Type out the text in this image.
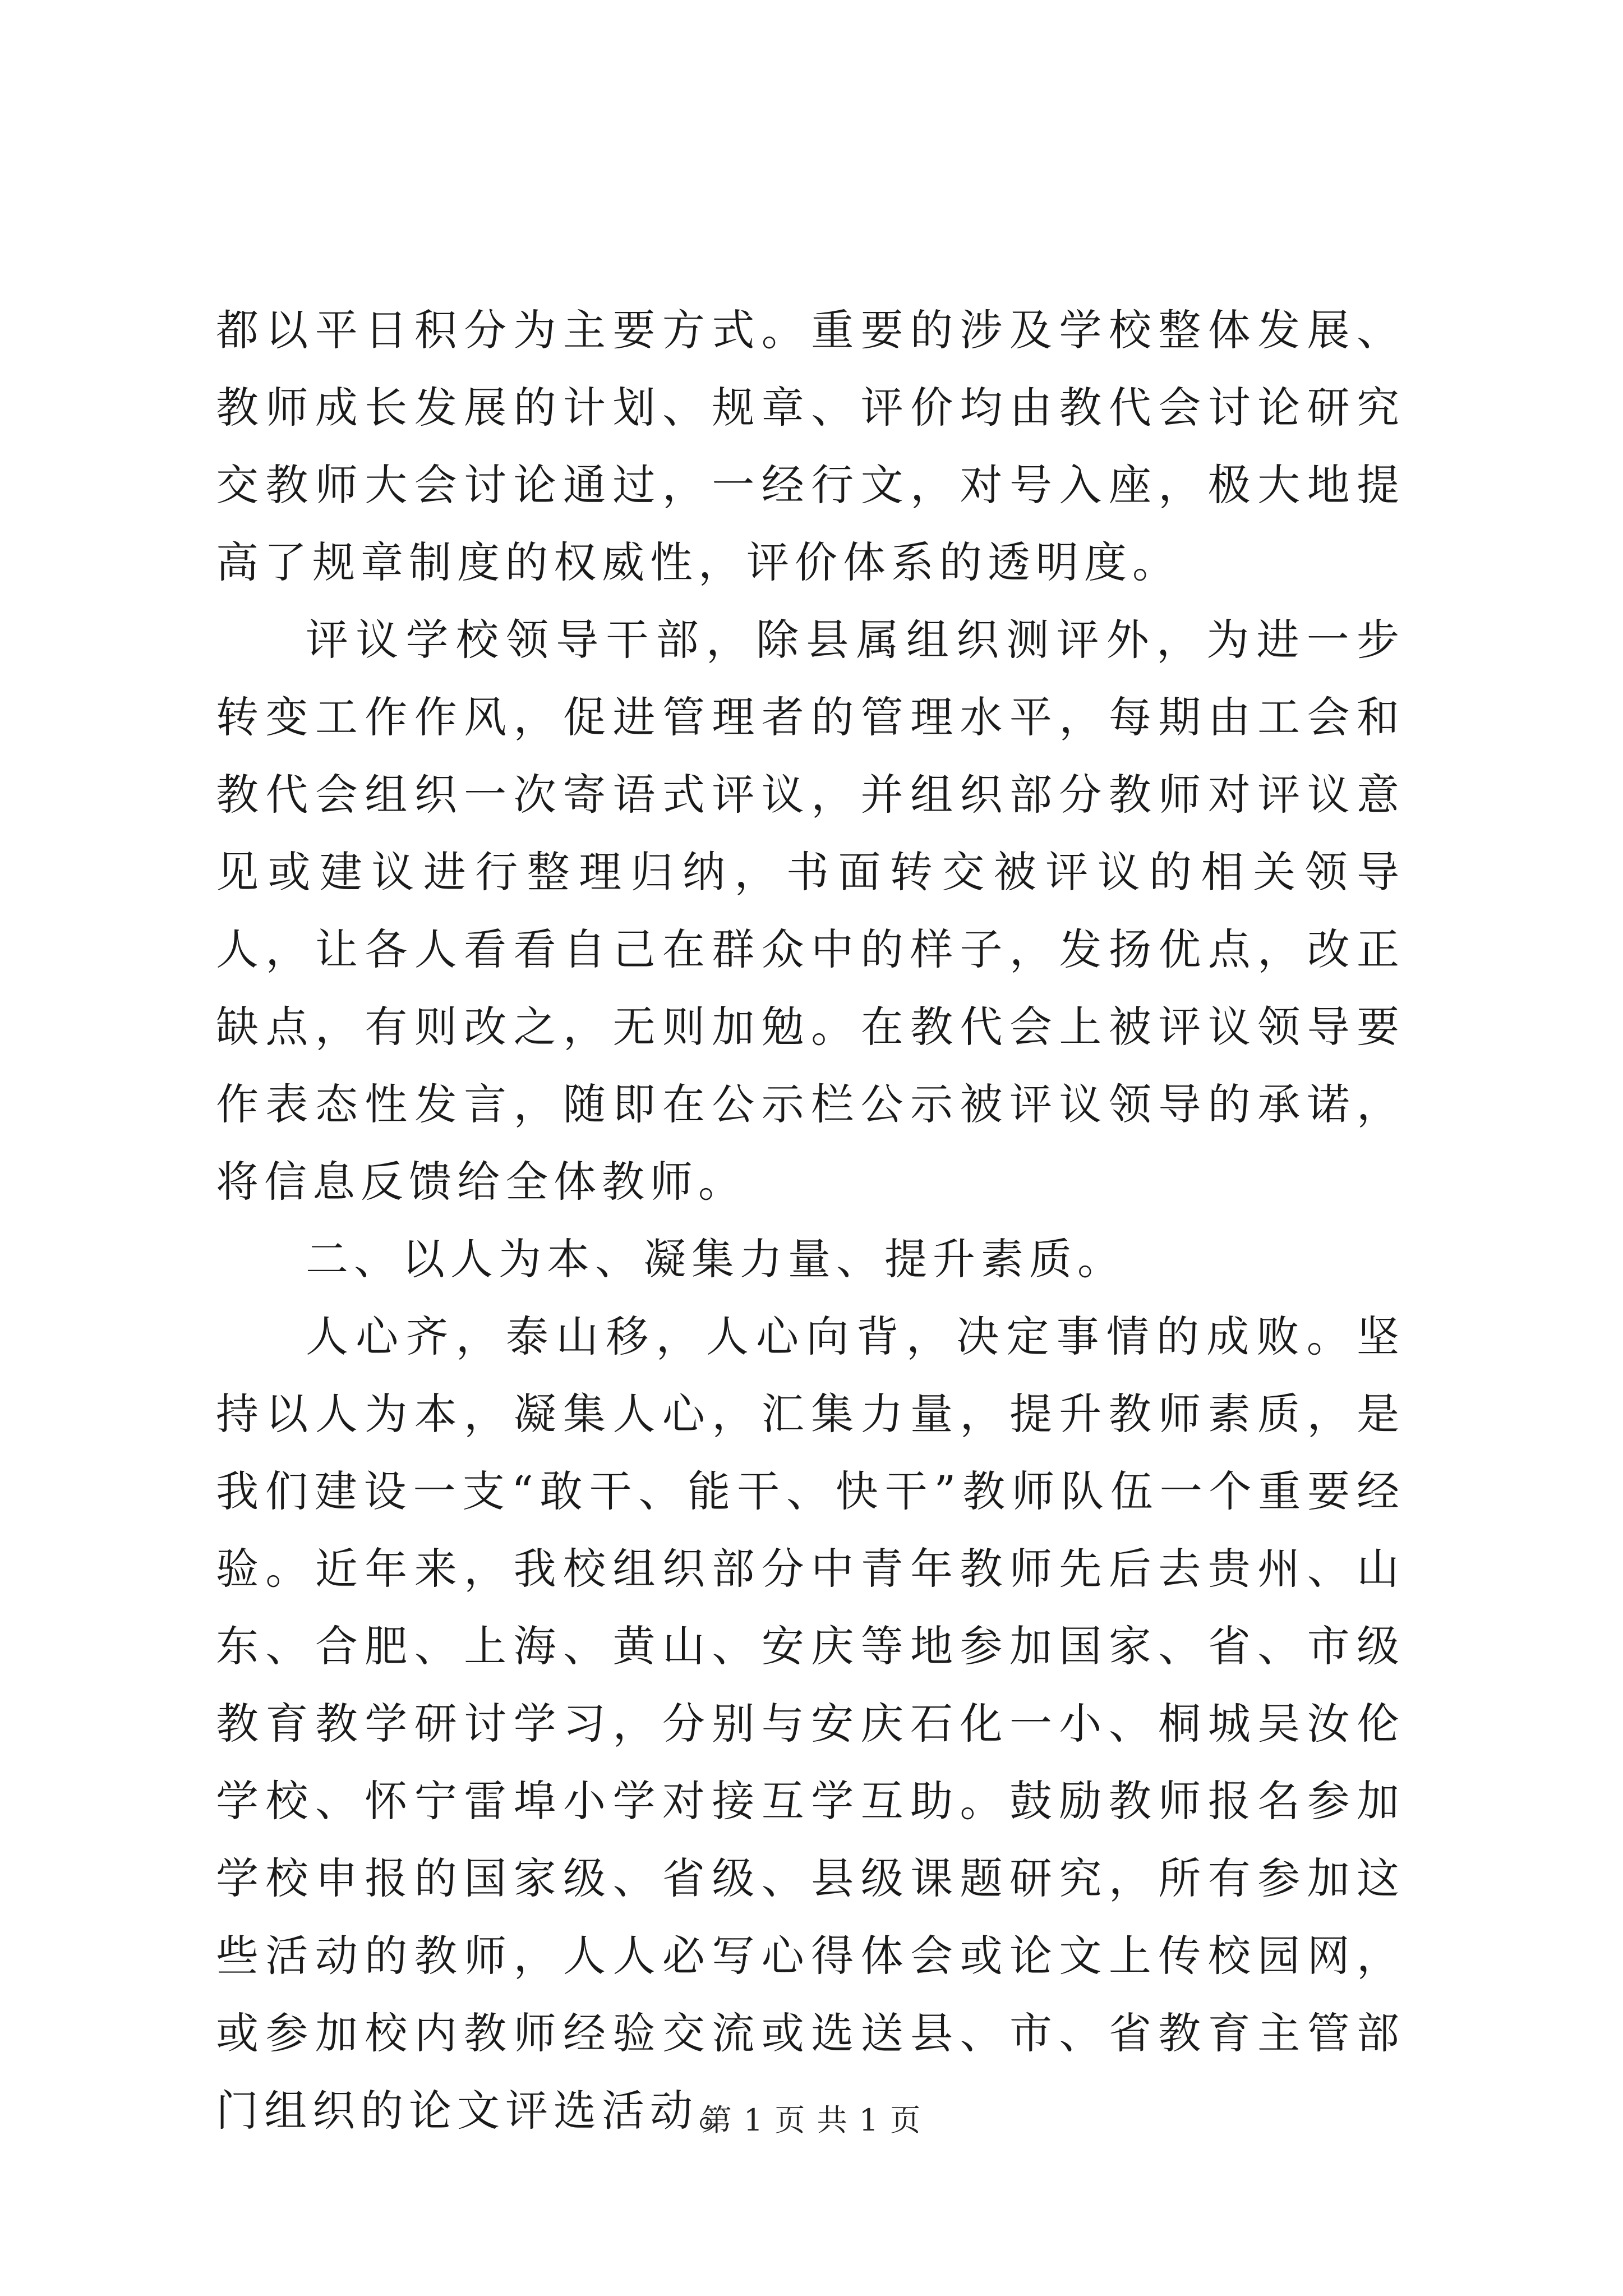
都以平日积分为主要方式。重要的涉及学校整体发展、教师成长发展的计划、规章、评价均由教代会讨论研究交教师大会讨论通过，一经行文，对号入座，极大地提高了规章制度的权威性，评价体系的透明度。

评议学校领导干部，除县属组织测评外，为进一步转变工作作风，促进管理者的管理水平，每期由工会和教代会组织一次寄语式评议，并组织部分教师对评议意见或建议进行整理归纳，书面转交被评议的相关领导人，让各人看看自己在群众中的样子，发扬优点，改正缺点，有则改之，无则加勉。在教代会上被评议领导要作表态性发言，随即在公示栏公示被评议领导的承诺，将信息反馈给全体教师。

二、以人为本、凝集力量、提升素质。

人心齐，泰山移，人心向背，决定事情的成败。坚持以人为本，凝集人心，汇集力量，提升教师素质，是我们建设一支“敢干、能干、快干”教师队伍一个重要经验。近年来，我校组织部分中青年教师先后去贵州、山东、合肥、上海、黄山、安庆等地参加国家、省、市级教育教学研讨学习，分别与安庆石化一小、桐城吴汝伦学校、怀宁雷埠小学对接互学互助。鼓励教师报名参加学校申报的国家级、省级、县级课题研究，所有参加这些活动的教师，人人必写心得体会或论文上传校园网，或参加校内教师经验交流或选送县、市、省教育主管部门组织的论文评选活动。

第 1 页 共 1 页
